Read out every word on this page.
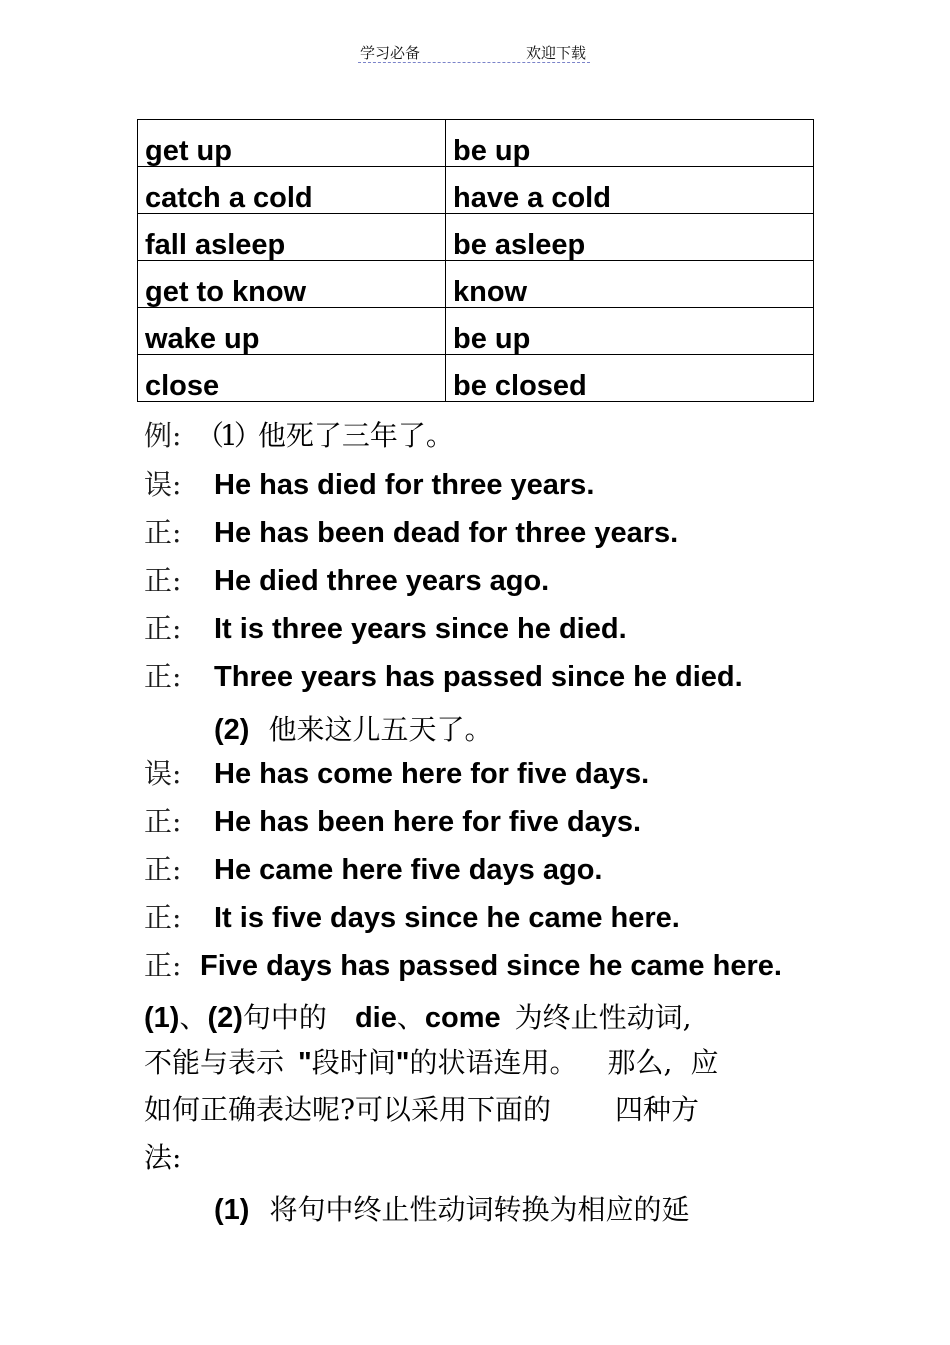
学习必备	欢迎下载
get up	be up
catch a cold	have a cold
fall asleep	be asleep
get to know	know
wake up	be up
close	be closed
例: （1）他死了三年了。
误: He has died for three years.
正: He has been dead for three years.
正: He died three years ago.
正: It is three years since he died.
正: Three years has passed since he died.
(2) 他来这儿五天了。
误: He has come here for five days.
正: He has been here for five days.
正: He came here five days ago.
正: It is five days since he came here.
正: Five days has passed since he came here.
(1)、(2)句中的 die、come 为终止性动词,
不能与表示 "段时间"的状语连用。 那么, 应
如何正确表达呢?可以采用下面的 四种方
法:
(1) 将句中终止性动词转换为相应的延
